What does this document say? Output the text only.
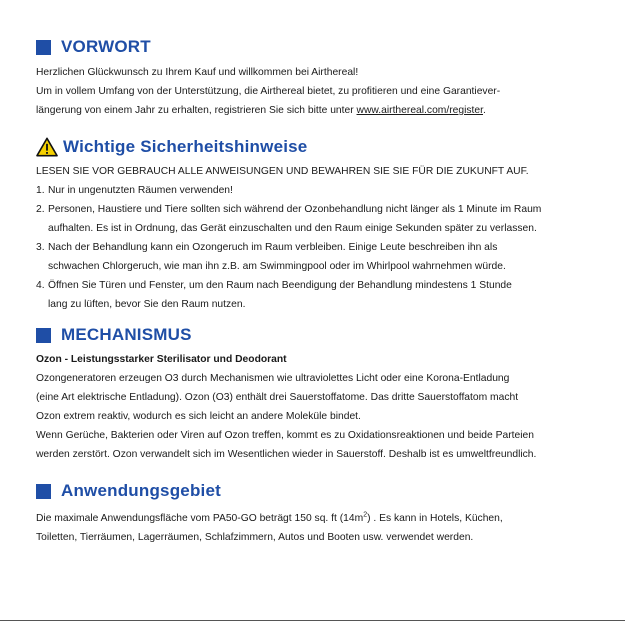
VORWORT

Herzlichen Glückwunsch zu Ihrem Kauf und willkommen bei Airthereal!

Um in vollem Umfang von der Unterstützung, die Airthereal bietet, zu profitieren und eine Garantiever-

längerung von einem Jahr zu erhalten, registrieren Sie sich bitte unter www.airthereal.com/register.

Wichtige Sicherheitshinweise

LESEN SIE VOR GEBRAUCH ALLE ANWEISUNGEN UND BEWAHREN SIE SIE FÜR DIE ZUKUNFT AUF.

1. Nur in ungenutzten Räumen verwenden!
2. Personen, Haustiere und Tiere sollten sich während der Ozonbehandlung nicht länger als 1 Minute im Raum
aufhalten. Es ist in Ordnung, das Gerät einzuschalten und den Raum einige Sekunden später zu verlassen.
3. Nach der Behandlung kann ein Ozongeruch im Raum verbleiben. Einige Leute beschreiben ihn als
schwachen Chlorgeruch, wie man ihn z.B. am Swimmingpool oder im Whirlpool wahrnehmen würde.
4. Öffnen Sie Türen und Fenster, um den Raum nach Beendigung der Behandlung mindestens 1 Stunde
lang zu lüften, bevor Sie den Raum nutzen.
MECHANISMUS

Ozon - Leistungsstarker Sterilisator und Deodorant

Ozongeneratoren erzeugen O3 durch Mechanismen wie ultraviolettes Licht oder eine Korona-Entladung

(eine Art elektrische Entladung). Ozon (O3) enthält drei Sauerstoffatome. Das dritte Sauerstoffatom macht

Ozon extrem reaktiv, wodurch es sich leicht an andere Moleküle bindet.

Wenn Gerüche, Bakterien oder Viren auf Ozon treffen, kommt es zu Oxidationsreaktionen und beide Parteien

werden zerstört. Ozon verwandelt sich im Wesentlichen wieder in Sauerstoff. Deshalb ist es umweltfreundlich.

Anwendungsgebiet

Die maximale Anwendungsfläche vom PA50-GO beträgt 150 sq. ft $(14m^2)$ . Es kann in Hotels, Küchen,

Toiletten, Tierräumen, Lagerräumen, Schlafzimmern, Autos und Booten usw. verwendet werden.
